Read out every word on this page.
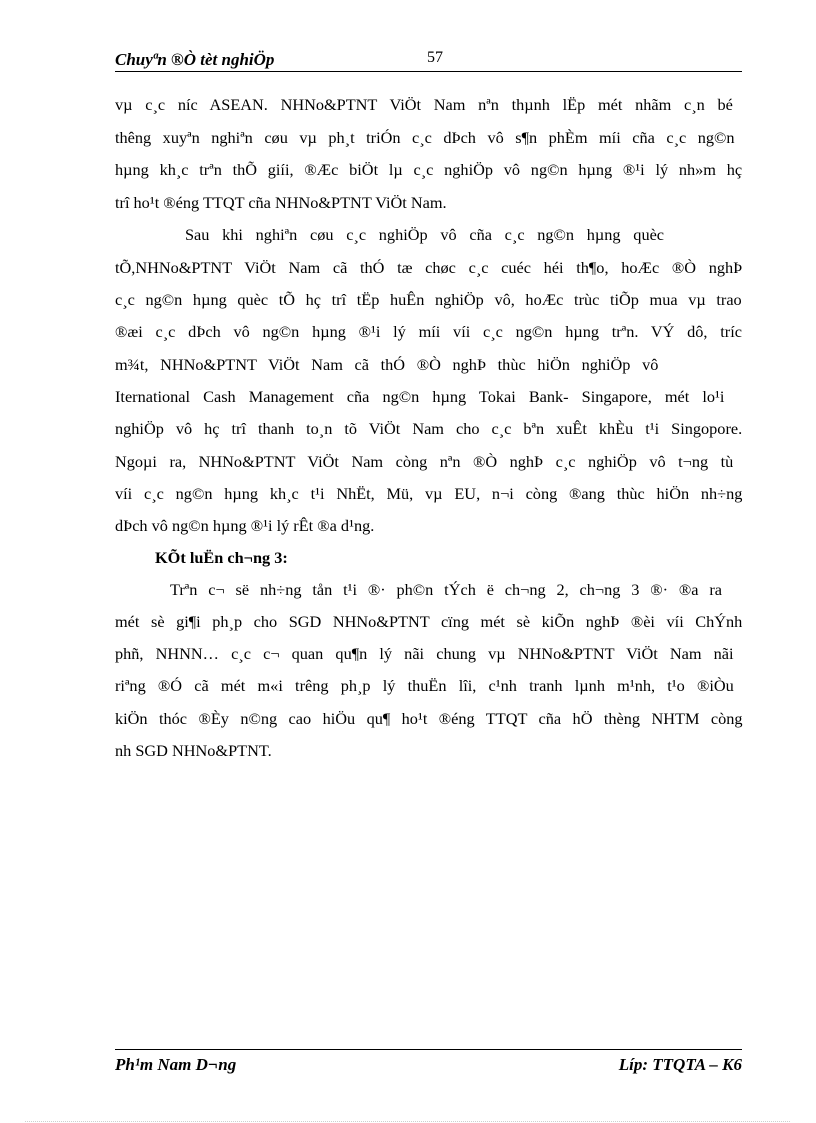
Chuyªn ®Ò tèt nghiÖp	57
vµ c¸c níc ASEAN. NHNo&PTNT ViÖt Nam nªn thµnh lËp mét nhãm c¸n bé
thêng xuyªn nghiªn cøu vµ ph¸t triÓn c¸c dÞch vô s¶n phÈm míi cña c¸c ng©n
hµng kh¸c trªn thÕ giíi, ®Æc biÖt lµ c¸c nghiÖp vô ng©n hµng ®¹i lý nh»m hç
trî ho¹t ®éng TTQT cña NHNo&PTNT ViÖt Nam.
Sau khi nghiªn cøu c¸c nghiÖp vô cña c¸c ng©n hµng quèc
tÕ,NHNo&PTNT ViÖt Nam cã thÓ tæ chøc c¸c cuéc héi th¶o, hoÆc ®Ò nghÞ
c¸c ng©n hµng quèc tÕ hç trî tËp huÊn nghiÖp vô, hoÆc trùc tiÕp mua vµ trao
®æi c¸c dÞch vô ng©n hµng ®¹i lý míi víi c¸c ng©n hµng trªn. VÝ dô, tríc
m¾t, NHNo&PTNT ViÖt Nam cã thÓ ®Ò nghÞ thùc hiÖn nghiÖp vô
Iternational Cash Management cña ng©n hµng Tokai Bank- Singapore, mét lo¹i
nghiÖp vô hç trî thanh to¸n tõ ViÖt Nam cho c¸c bªn xuÊt khÈu t¹i Singopore.
Ngoµi ra, NHNo&PTNT ViÖt Nam còng nªn ®Ò nghÞ c¸c nghiÖp vô t¬ng tù
víi c¸c ng©n hµng kh¸c t¹i NhËt, Mü, vµ EU, n¬i còng ®ang thùc hiÖn nh÷ng
dÞch vô ng©n hµng ®¹i lý rÊt ®a d¹ng.
KÕt luËn ch¬ng 3:
Trªn c¬ së nh÷ng tån t¹i ®· ph©n tÝch ë ch¬ng 2, ch¬ng 3 ®· ®a ra
mét sè gi¶i ph¸p cho SGD NHNo&PTNT cïng mét sè kiÕn nghÞ ®èi víi ChÝnh
phñ, NHNN… c¸c c¬ quan qu¶n lý nãi chung vµ NHNo&PTNT ViÖt Nam nãi
riªng ®Ó cã mét m«i trêng ph¸p lý thuËn lîi, c¹nh tranh lµnh m¹nh, t¹o ®iÒu
kiÖn thóc ®Èy n©ng cao hiÖu qu¶ ho¹t ®éng TTQT cña hÖ thèng NHTM còng
nh SGD NHNo&PTNT.
Ph¹m Nam D¬ng	Líp: TTQTA – K6
